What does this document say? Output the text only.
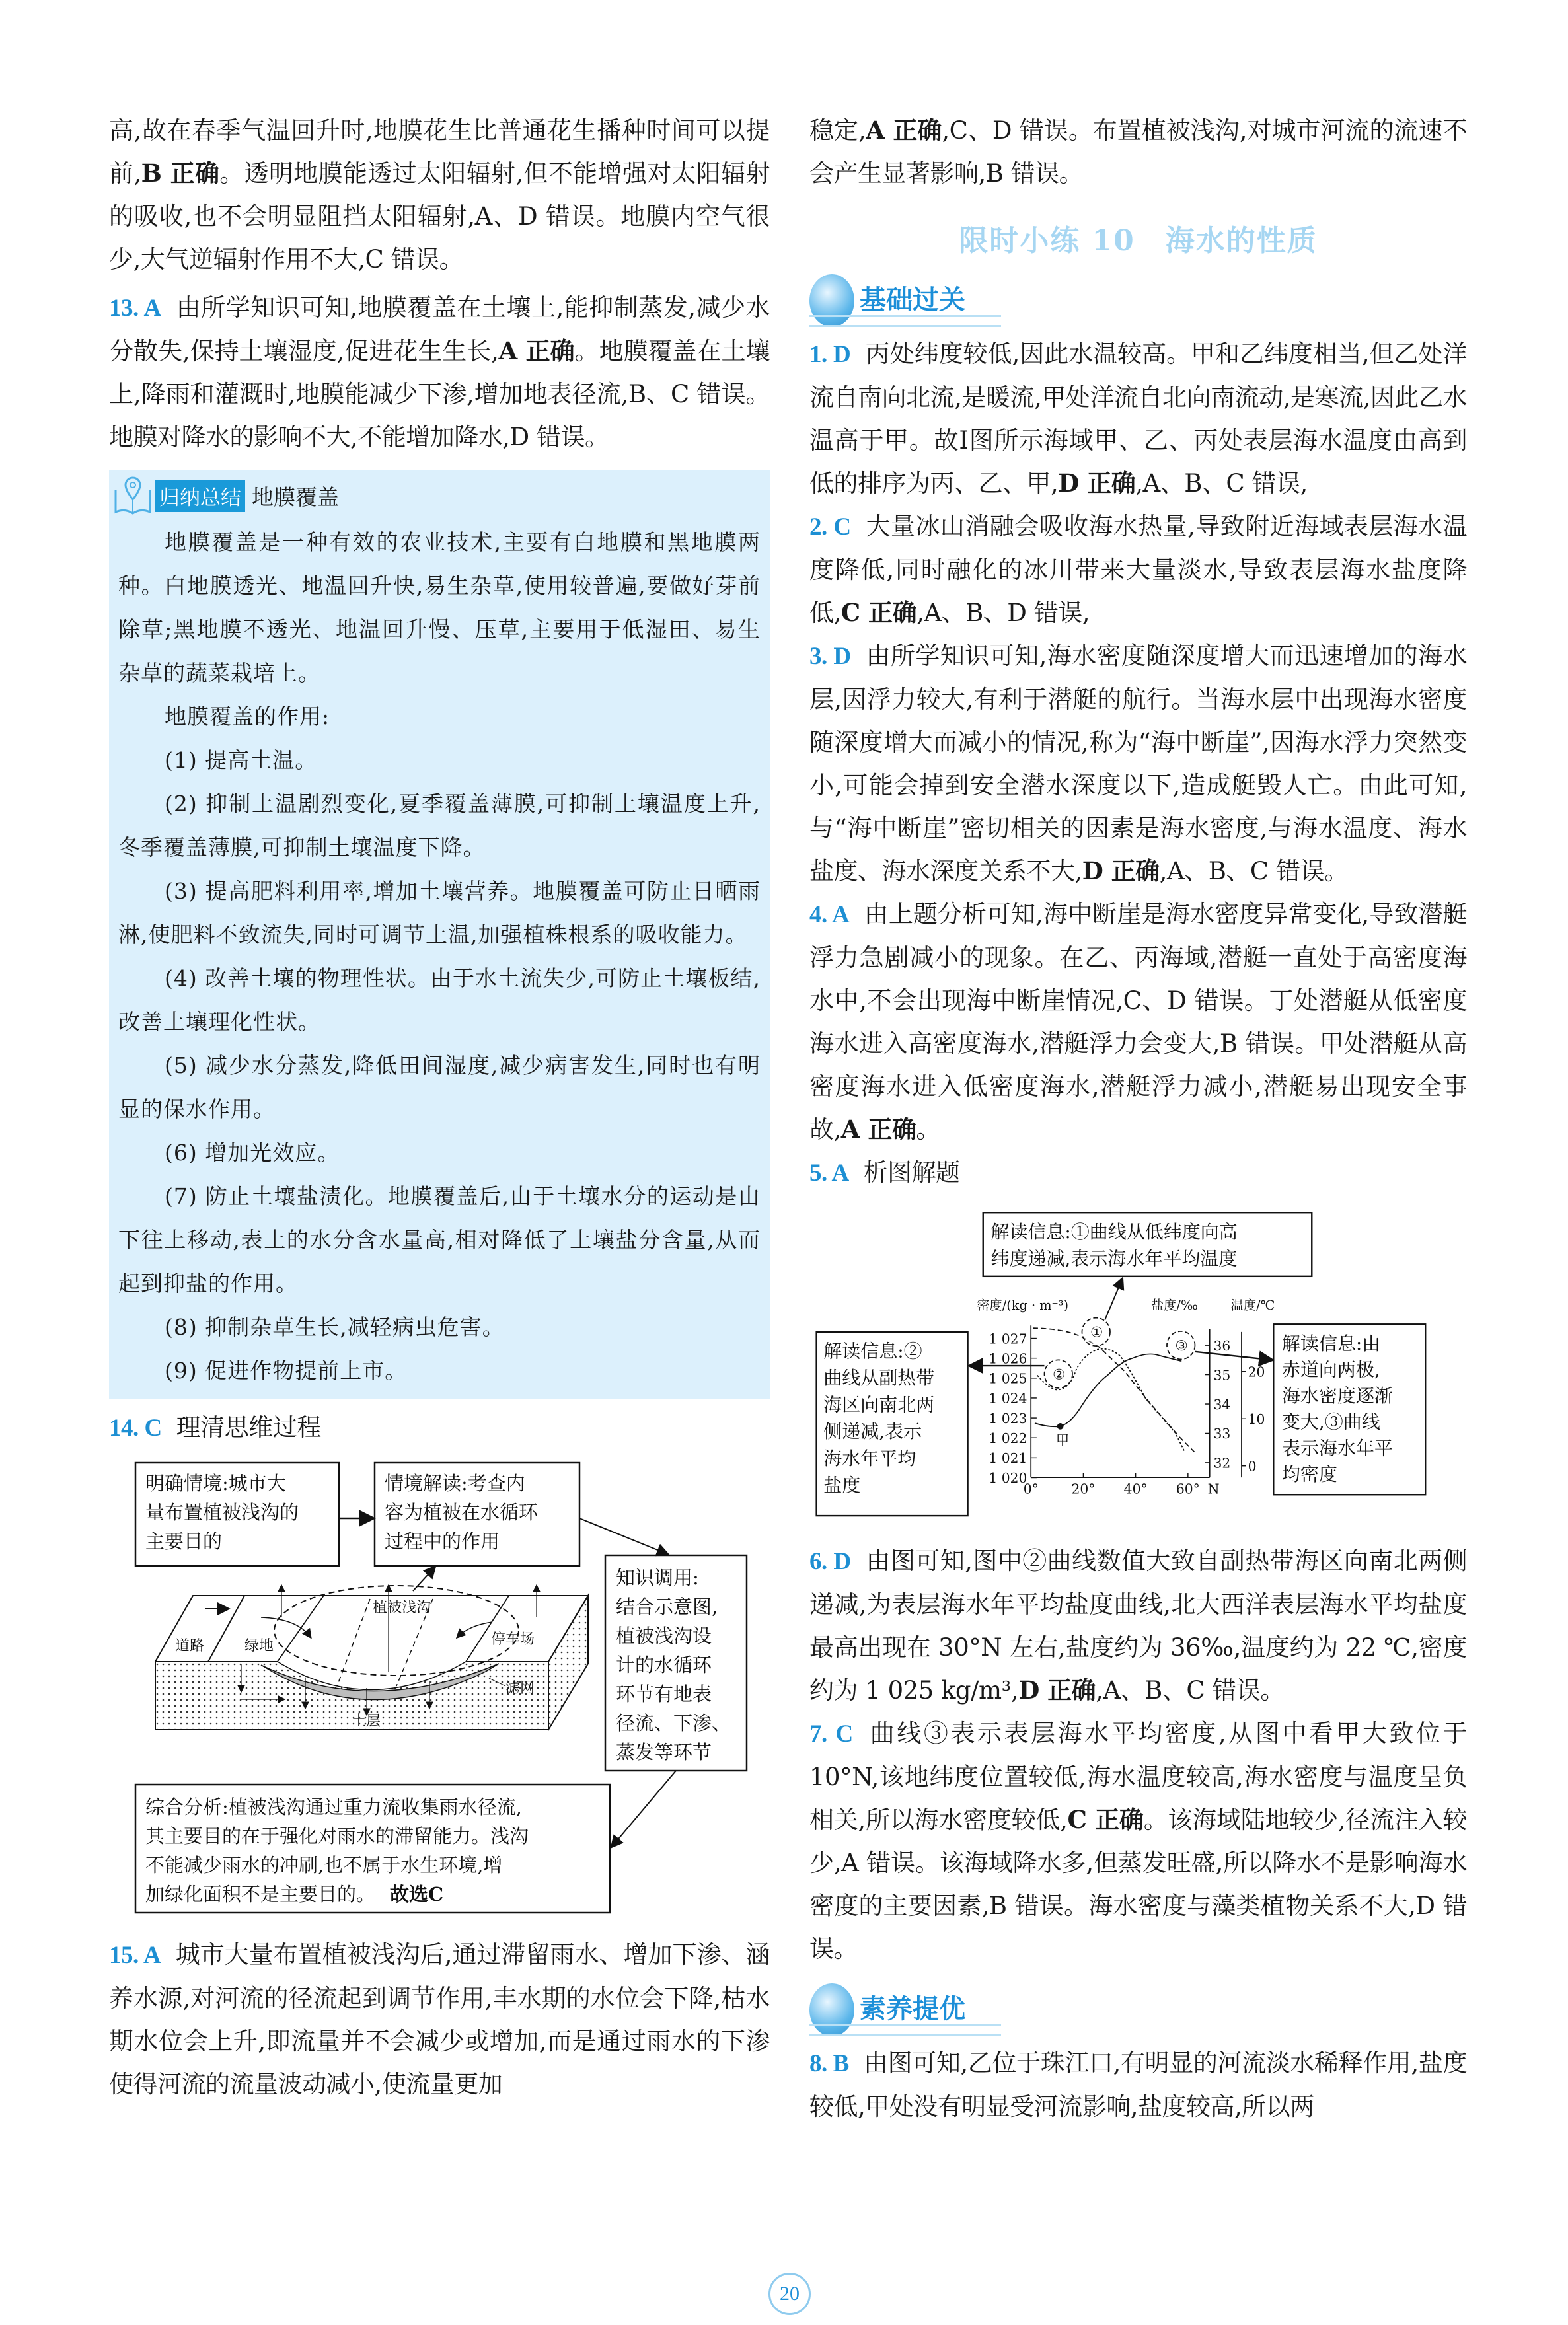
高,故在春季气温回升时,地膜花生比普通花生播种时间可以提前,B 正确。透明地膜能透过太阳辐射,但不能增强对太阳辐射的吸收,也不会明显阻挡太阳辐射,A、D 错误。地膜内空气很少,大气逆辐射作用不大,C 错误。

13. A 由所学知识可知,地膜覆盖在土壤上,能抑制蒸发,减少水分散失,保持土壤湿度,促进花生生长,A 正确。地膜覆盖在土壤上,降雨和灌溉时,地膜能减少下渗,增加地表径流,B、C 错误。地膜对降水的影响不大,不能增加降水,D 错误。

归纳总结 地膜覆盖

地膜覆盖是一种有效的农业技术,主要有白地膜和黑地膜两种。白地膜透光、地温回升快,易生杂草,使用较普遍,要做好芽前除草;黑地膜不透光、地温回升慢、压草,主要用于低湿田、易生杂草的蔬菜栽培上。

地膜覆盖的作用:

(1) 提高土温。

(2) 抑制土温剧烈变化,夏季覆盖薄膜,可抑制土壤温度上升,冬季覆盖薄膜,可抑制土壤温度下降。

(3) 提高肥料利用率,增加土壤营养。地膜覆盖可防止日晒雨淋,使肥料不致流失,同时可调节土温,加强植株根系的吸收能力。

(4) 改善土壤的物理性状。由于水土流失少,可防止土壤板结,改善土壤理化性状。

(5) 减少水分蒸发,降低田间湿度,减少病害发生,同时也有明显的保水作用。

(6) 增加光效应。

(7) 防止土壤盐渍化。地膜覆盖后,由于土壤水分的运动是由下往上移动,表土的水分含水量高,相对降低了土壤盐分含量,从而起到抑盐的作用。

(8) 抑制杂草生长,减轻病虫危害。

(9) 促进作物提前上市。

14. C 理清思维过程

明确情境:城市大
量布置植被浅沟的
主要目的
情境解读:考查内
容为植被在水循环
过程中的作用
知识调用:
结合示意图,
植被浅沟设
计的水循环
环节有地表
径流、下渗、
蒸发等环节
综合分析:植被浅沟通过重力流收集雨水径流,
其主要目的在于强化对雨水的滞留能力。浅沟
不能减少雨水的冲刷,也不属于水生环境,增
加绿化面积不是主要目的。 故选C
道路	绿地
植被浅沟
停车场
滤网
土层

15. A 城市大量布置植被浅沟后,通过滞留雨水、增加下渗、涵养水源,对河流的径流起到调节作用,丰水期的水位会下降,枯水期水位会上升,即流量并不会减少或增加,而是通过雨水的下渗使得河流的流量波动减小,使流量更加

稳定,A 正确,C、D 错误。布置植被浅沟,对城市河流的流速不会产生显著影响,B 错误。

限时小练 10　海水的性质
基础过关

1. D 丙处纬度较低,因此水温较高。甲和乙纬度相当,但乙处洋流自南向北流,是暖流,甲处洋流自北向南流动,是寒流,因此乙水温高于甲。故Ⅰ图所示海域甲、乙、丙处表层海水温度由高到低的排序为丙、乙、甲,D 正确,A、B、C 错误,

2. C 大量冰山消融会吸收海水热量,导致附近海域表层海水温度降低,同时融化的冰川带来大量淡水,导致表层海水盐度降低,C 正确,A、B、D 错误,

3. D 由所学知识可知,海水密度随深度增大而迅速增加的海水层,因浮力较大,有利于潜艇的航行。当海水层中出现海水密度随深度增大而减小的情况,称为“海中断崖”,因海水浮力突然变小,可能会掉到安全潜水深度以下,造成艇毁人亡。由此可知,与“海中断崖”密切相关的因素是海水密度,与海水温度、海水盐度、海水深度关系不大,D 正确,A、B、C 错误。

4. A 由上题分析可知,海中断崖是海水密度异常变化,导致潜艇浮力急剧减小的现象。在乙、丙海域,潜艇一直处于高密度海水中,不会出现海中断崖情况,C、D 错误。丁处潜艇从低密度海水进入高密度海水,潜艇浮力会变大,B 错误。甲处潜艇从高密度海水进入低密度海水,潜艇浮力减小,潜艇易出现安全事故,A 正确。

5. A 析图解题

解读信息:①曲线从低纬度向高
纬度递减,表示海水年平均温度
解读信息:②
曲线从副热带
海区向南北两
侧递减,表示
海水年平均
盐度
解读信息:由
赤道向两极,
海水密度逐渐
变大,③曲线
表示海水年平
均密度
密度/(kg · m⁻³)	盐度/‰ 温度/℃
1 027
1 026
1 025
1 024
1 023
1 022
1 021
1 020
36
35
34
33
32
20
10
0
0° 20° 40° 60° N
甲
①
②
③

6. D 由图可知,图中②曲线数值大致自副热带海区向南北两侧递减,为表层海水年平均盐度曲线,北大西洋表层海水平均盐度最高出现在 30°N 左右,盐度约为 36‰,温度约为 22 ℃,密度约为 1 025 kg/m³,D 正确,A、B、C 错误。

7. C 曲线③表示表层海水平均密度,从图中看甲大致位于 10°N,该地纬度位置较低,海水温度较高,海水密度与温度呈负相关,所以海水密度较低,C 正确。该海域陆地较少,径流注入较少,A 错误。该海域降水多,但蒸发旺盛,所以降水不是影响海水密度的主要因素,B 错误。海水密度与藻类植物关系不大,D 错误。

素养提优

8. B 由图可知,乙位于珠江口,有明显的河流淡水稀释作用,盐度较低,甲处没有明显受河流影响,盐度较高,所以两

20
